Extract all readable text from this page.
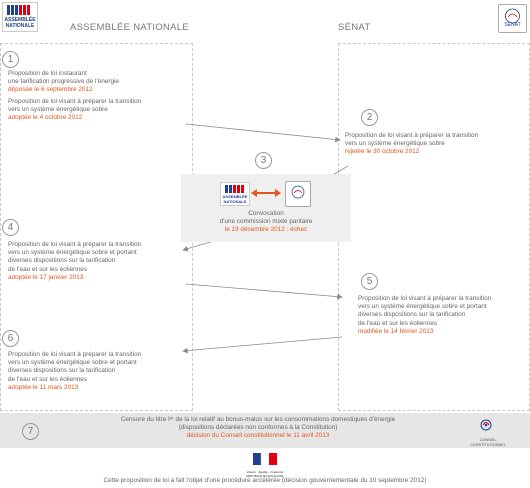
ASSEMBLÉE
NATIONALE	ASSEMBLÉE NATIONALE	SÉNAT	SÉNAT
1
Proposition de loi instaurant
une tarification progressive de l'énergie
déposée le 6 septembre 2012
Proposition de loi visant à préparer la transition
vers un système énergétique sobre
adoptée le 4 octobre 2012	2
Proposition de loi visant à préparer la transition
vers un système énergétique sobre
rejetée le 30 octobre 2012
3
ASSEMBLÉE
NATIONALE
Convocation
d'une commission mixte paritaire
le 19 décembre 2012 : échec
4
Proposition de loi visant à préparer la transition
vers un système énergétique sobre et portant
diverses dispositions sur la tarification
de l'eau et sur les éoliennes
adoptée le 17 janvier 2013	5
Proposition de loi visant à préparer la transition
vers un système énergétique sobre et portant
diverses dispositions sur la tarification
de l'eau et sur les éoliennes
modifiée le 14 février 2013
6
Proposition de loi visant à préparer la transition
vers un système énergétique sobre et portant
diverses dispositions sur la tarification
de l'eau et sur les éoliennes
adoptée le 11 mars 2013
7
Censure du titre Iᵉʳ de la loi relatif au bonus-malus sur les consommations domestiques d'énergie
(dispositions déclarées non conformes à la Constitution)
décision du Conseil constitutionnel le 11 avril 2013
CONSEIL
CONSTITUTIONNEL
Liberté · Égalité · Fraternité
RÉPUBLIQUE FRANÇAISE
Cette proposition de loi a fait l'objet d'une procédure accélérée (décision gouvernementale du 10 septembre 2012)
